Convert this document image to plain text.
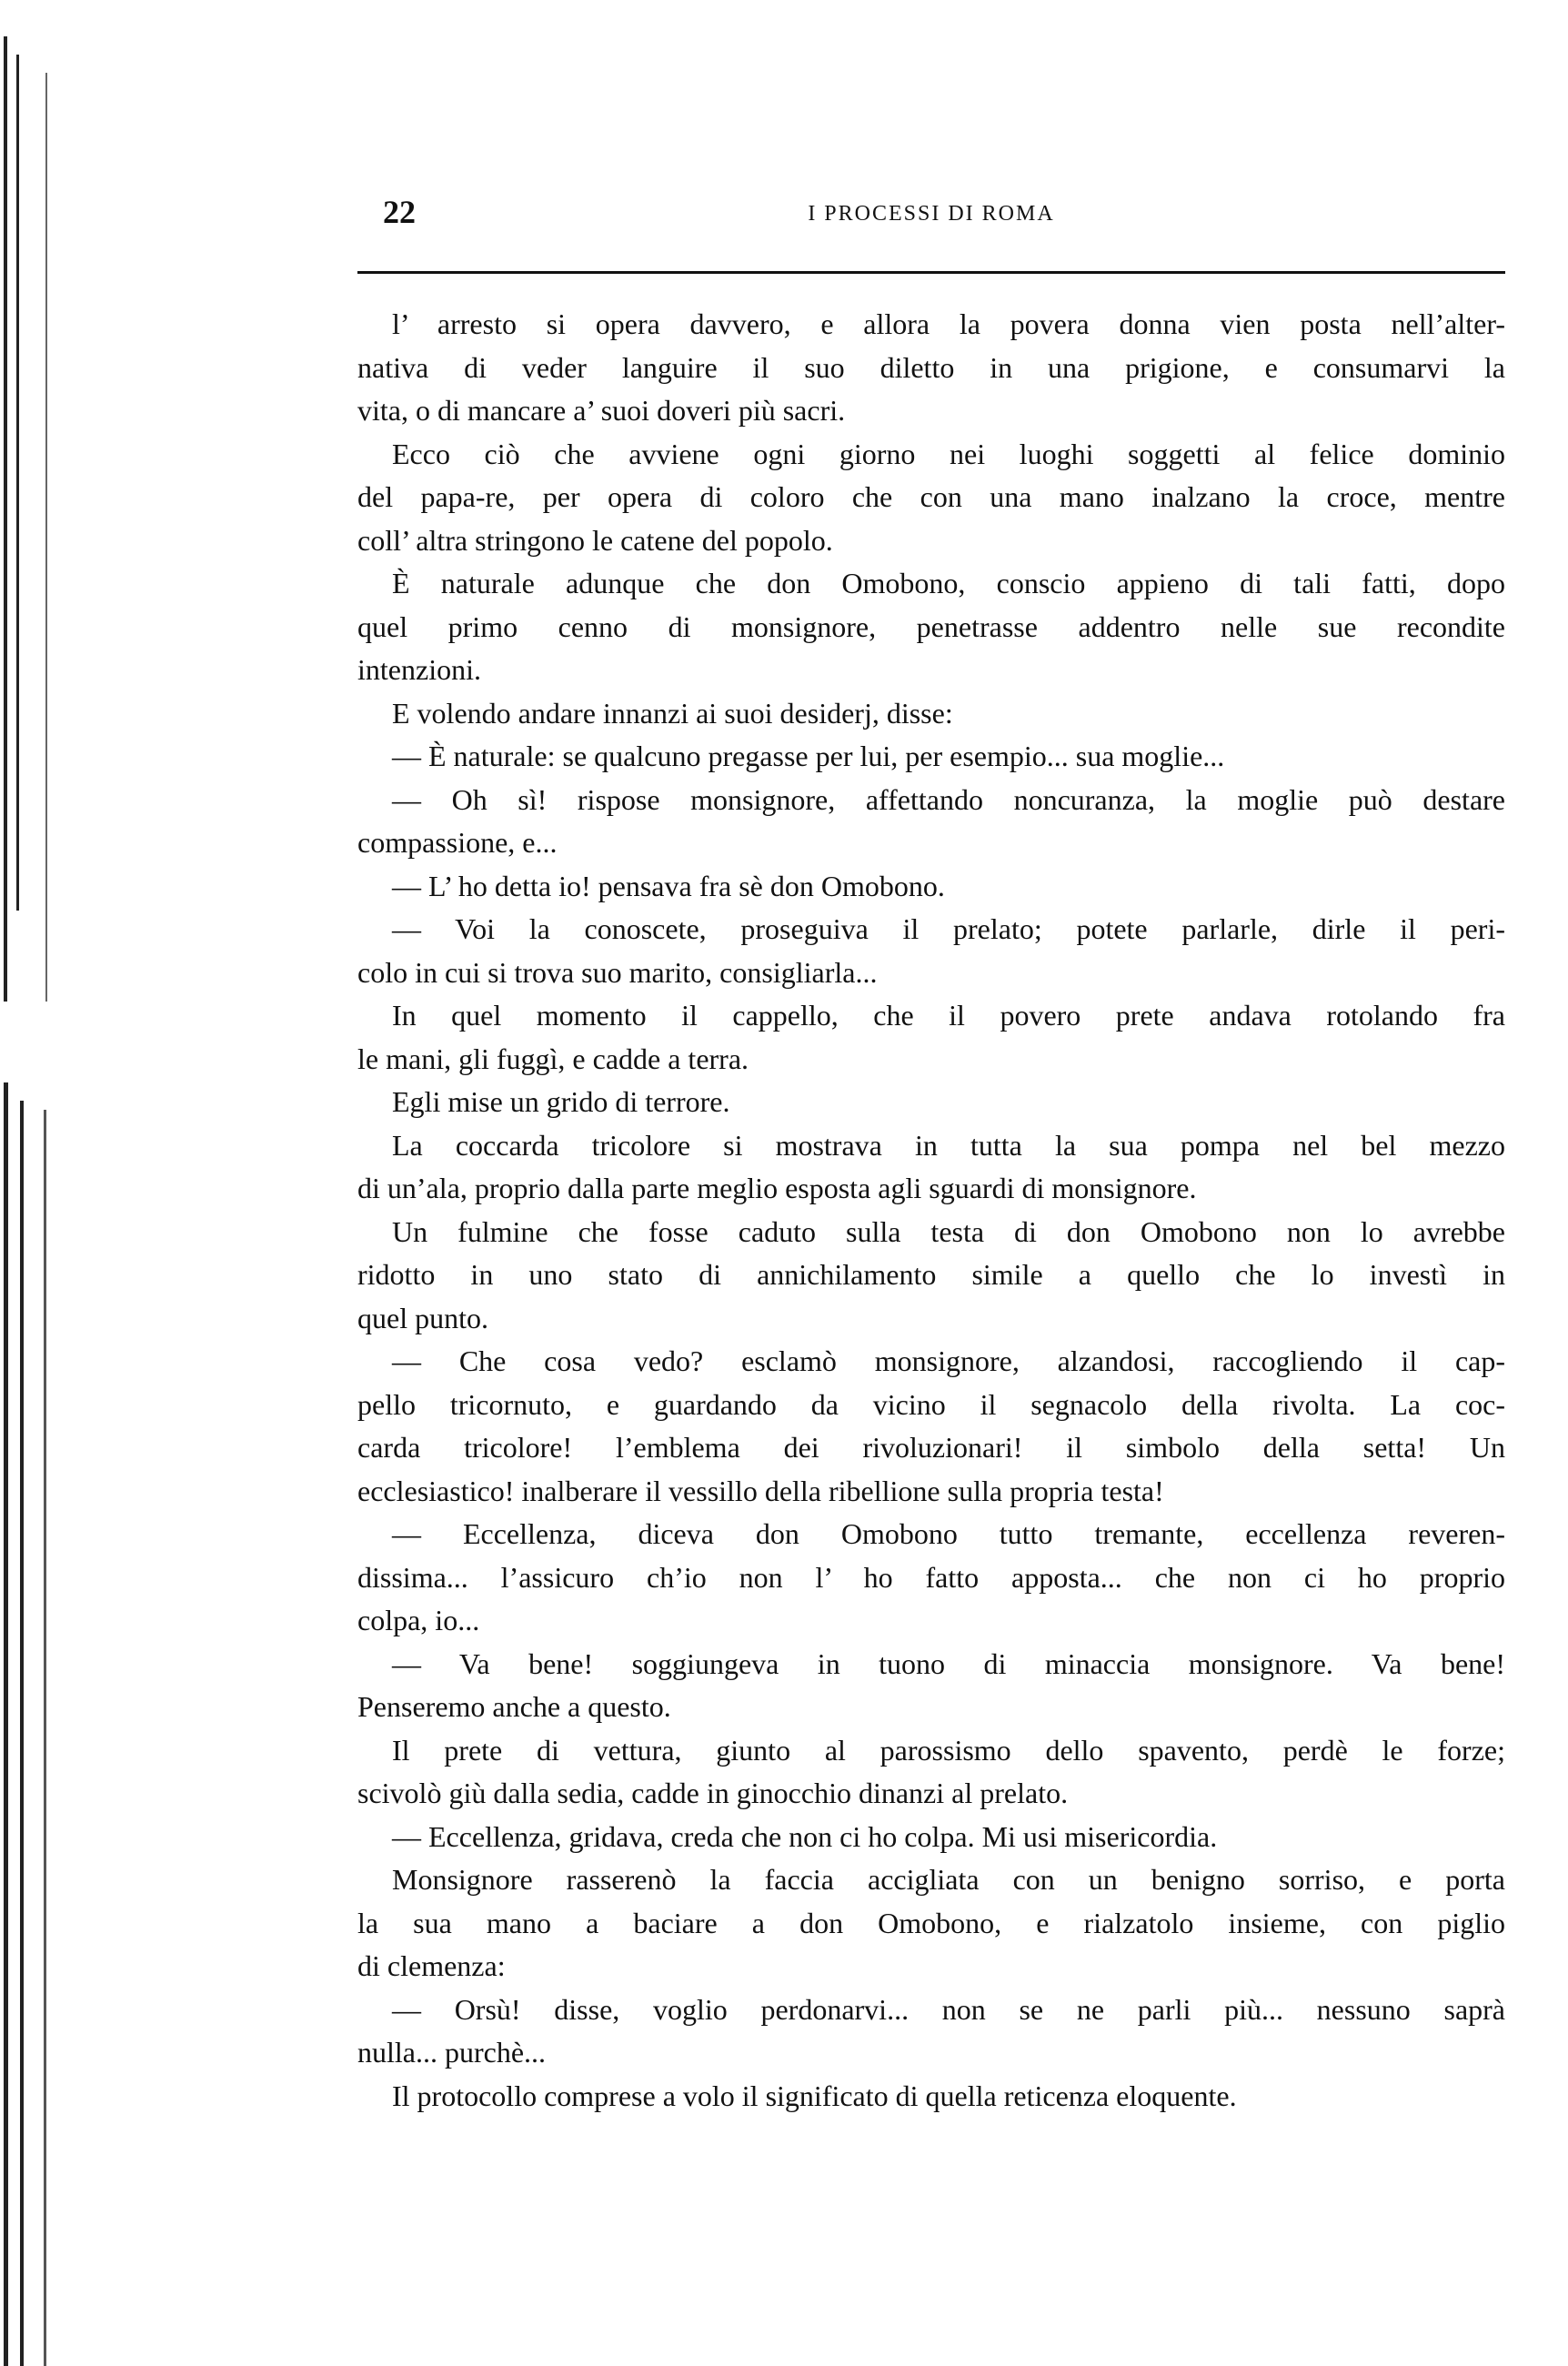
22	I PROCESSI DI ROMA
l’ arresto si opera davvero, e allora la povera donna vien posta nell’alter-
nativa di veder languire il suo diletto in una prigione, e consumarvi la
vita, o di mancare a’ suoi doveri più sacri.
Ecco ciò che avviene ogni giorno nei luoghi soggetti al felice dominio
del papa-re, per opera di coloro che con una mano inalzano la croce, mentre
coll’ altra stringono le catene del popolo.
È naturale adunque che don Omobono, conscio appieno di tali fatti, dopo
quel primo cenno di monsignore, penetrasse addentro nelle sue recondite
intenzioni.
E volendo andare innanzi ai suoi desiderj, disse:
— È naturale: se qualcuno pregasse per lui, per esempio... sua moglie...
— Oh sì! rispose monsignore, affettando noncuranza, la moglie può destare
compassione, e...
— L’ ho detta io! pensava fra sè don Omobono.
— Voi la conoscete, proseguiva il prelato; potete parlarle, dirle il peri-
colo in cui si trova suo marito, consigliarla...
In quel momento il cappello, che il povero prete andava rotolando fra
le mani, gli fuggì, e cadde a terra.
Egli mise un grido di terrore.
La coccarda tricolore si mostrava in tutta la sua pompa nel bel mezzo
di un’ala, proprio dalla parte meglio esposta agli sguardi di monsignore.
Un fulmine che fosse caduto sulla testa di don Omobono non lo avrebbe
ridotto in uno stato di annichilamento simile a quello che lo investì in
quel punto.
— Che cosa vedo? esclamò monsignore, alzandosi, raccogliendo il cap-
pello tricornuto, e guardando da vicino il segnacolo della rivolta. La coc-
carda tricolore! l’emblema dei rivoluzionari! il simbolo della setta! Un
ecclesiastico! inalberare il vessillo della ribellione sulla propria testa!
— Eccellenza, diceva don Omobono tutto tremante, eccellenza reveren-
dissima... l’assicuro ch’io non l’ ho fatto apposta... che non ci ho proprio
colpa, io...
— Va bene! soggiungeva in tuono di minaccia monsignore. Va bene!
Penseremo anche a questo.
Il prete di vettura, giunto al parossismo dello spavento, perdè le forze;
scivolò giù dalla sedia, cadde in ginocchio dinanzi al prelato.
— Eccellenza, gridava, creda che non ci ho colpa. Mi usi misericordia.
Monsignore rasserenò la faccia accigliata con un benigno sorriso, e porta
la sua mano a baciare a don Omobono, e rialzatolo insieme, con piglio
di clemenza:
— Orsù! disse, voglio perdonarvi... non se ne parli più... nessuno saprà
nulla... purchè...
Il protocollo comprese a volo il significato di quella reticenza eloquente.
